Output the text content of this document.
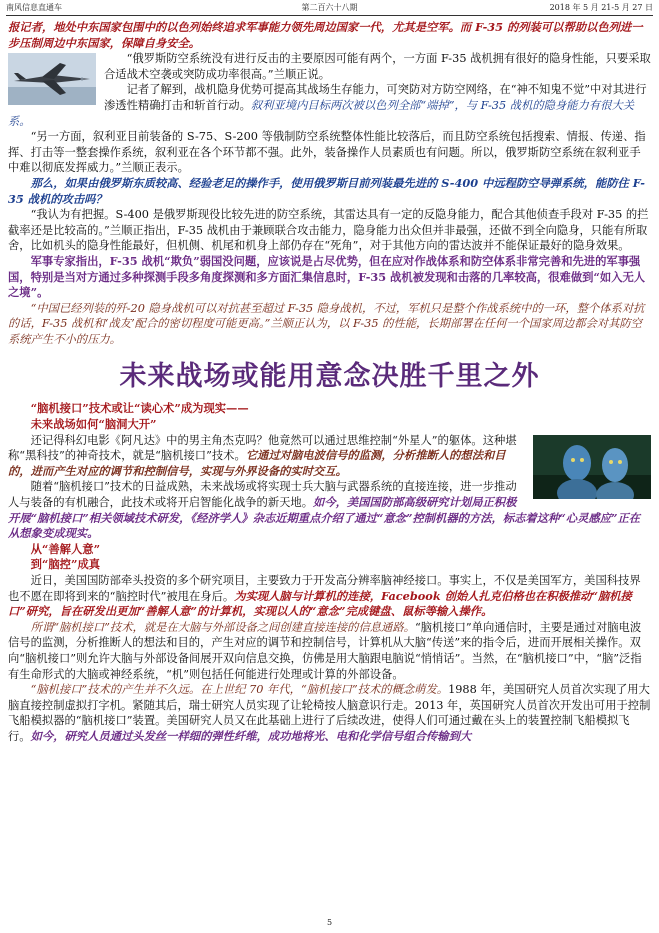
南风信息直通车	第二百六十八期	2018 年 5 月 21-5 月 27 日

报记者，地处中东国家包围中的以色列始终追求军事能力领先周边国家一代，尤其是空军。而 F-35 的列装可以帮助以色列进一步压制周边中东国家，保障自身安全。

“俄罗斯防空系统没有进行反击的主要原因可能有两个，一方面 F-35 战机拥有很好的隐身性能，只要采取合适战术空袭或突防成功率很高。”兰顺正说。

记者了解到，战机隐身优势可提高其战场生存能力，可突防对方防空网络，在“神不知鬼不觉”中对其进行渗透性精确打击和斩首行动。叙利亚境内目标两次被以色列全部“端掉”，与 F-35 战机的隐身能力有很大关系。

“另一方面，叙利亚目前装备的 S-75、S-200 等俄制防空系统整体性能比较落后，而且防空系统包括搜索、情报、传递、指挥、打击等一整套操作系统，叙利亚在各个环节都不强。此外，装备操作人员素质也有问题。所以，俄罗斯防空系统在叙利亚手中难以彻底发挥威力。”兰顺正表示。

那么，如果由俄罗斯东质较高、经验老足的操作手，使用俄罗斯目前列装最先进的 S-400 中远程防空导弹系统，能防住 F-35 战机的攻击吗？

“我认为有把握。S-400 是俄罗斯现役比较先进的防空系统，其雷达具有一定的反隐身能力，配合其他侦查手段对 F-35 的拦截率还是比较高的。”兰顺正指出，F-35 战机由于兼顾联合攻击能力，隐身能力出众但并非最强，还做不到全向隐身，只能有所取舍，比如机头的隐身性能最好，但机侧、机尾和机身上部仍存在“死角”，对于其他方向的雷达波并不能保证最好的隐身效果。

军事专家指出，F-35 战机“欺负”弱国没问题，应该说是占尽优势，但在应对作战体系和防空体系非常完善和先进的军事强国，特别是当对方通过多种探测手段多角度探测和多方面汇集信息时，F-35 战机被发现和击落的几率较高，很难做到“如入无人之境”。

“中国已经列装的歼-20 隐身战机可以对抗甚至超过 F-35 隐身战机，不过，军机只是整个作战系统中的一环，整个体系对抗的话，F-35 战机和‘战友’配合的密切程度可能更高。”兰顺正认为，以 F-35 的性能，长期部署在任何一个国家周边都会对其防空系统产生不小的压力。

未来战场或能用意念决胜千里之外

“脑机接口”技术或让“读心术”成为现实——

未来战场如何“脑洞大开”

还记得科幻电影《阿凡达》中的男主角杰克吗？他竟然可以通过思维控制“外星人”的躯体。这种堪称“黑科技”的神奇技术，就是“脑机接口”技术。它通过对脑电波信号的监测，分析推断人的想法和目的，进而产生对应的调节和控制信号，实现与外界设备的实时交互。

随着“脑机接口”技术的日益成熟，未来战场或将实现士兵大脑与武器系统的直接连接，进一步推动人与装备的有机融合，此技术或将开启智能化战争的新天地。如今，美国国防部高级研究计划局正积极开展“脑机接口”相关领域技术研发，《经济学人》杂志近期重点介绍了通过“意念”控制机器的方法，标志着这种“心灵感应”正在从想象变成现实。

从“善解人意”

到“脑控”成真

近日，美国国防部牵头投资的多个研究项目，主要致力于开发高分辨率脑神经接口。事实上，不仅是美国军方，美国科技界也不愿在即将到来的“脑控时代”被甩在身后。为实现人脑与计算机的连接，Facebook 创始人扎克伯格也在积极推动“脑机接口”研究，旨在研发出更加“善解人意”的计算机，实现以人的“意念”完成键盘、鼠标等输入操作。

所谓“脑机接口”技术，就是在大脑与外部设备之间创建直接连接的信息通路。“脑机接口”单向通信时，主要是通过对脑电波信号的监测，分析推断人的想法和目的，产生对应的调节和控制信号，计算机从大脑“传送”来的指令后，进而开展相关操作。双向“脑机接口”则允许大脑与外部设备间展开双向信息交换，仿佛是用大脑跟电脑说“悄悄话”。当然，在“脑机接口”中，“脑”泛指有生命形式的大脑或神经系统，“机”则包括任何能进行处理或计算的外部设备。

“脑机接口”技术的产生并不久远。在上世纪 70 年代，“脑机接口”技术的概念萌发。1988 年，美国研究人员首次实现了用大脑直接控制虚拟打字机。紧随其后，瑞士研究人员实现了让轮椅按人脑意识行走。2013 年，英国研究人员首次开发出可用于控制飞船模拟器的“脑机接口”装置。美国研究人员又在此基础上进行了后续改进，使得人们可通过戴在头上的装置控制飞船模拟飞行。如今，研究人员通过头发丝一样细的弹性纤维，成功地将光、电和化学信号组合传输到大

5
